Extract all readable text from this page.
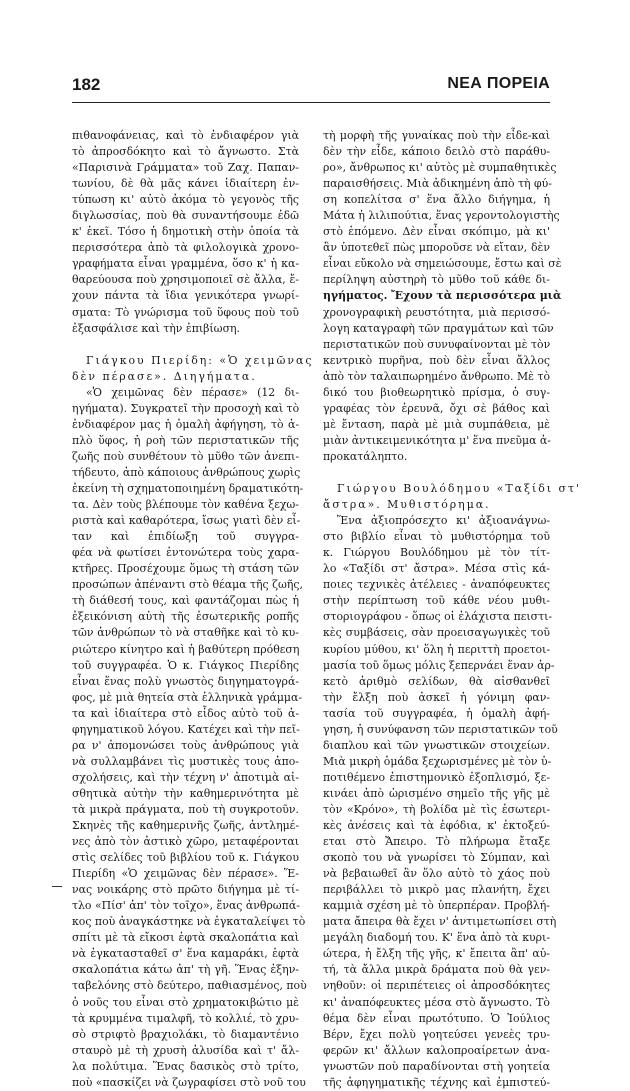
182	ΝΕΑ ΠΟΡΕΙΑ
πιθανοφάνειας, καὶ τὸ ἐνδιαφέρον γιὰ
τὸ ἀπροσδόκητο καὶ τὸ ἄγνωστο. Στὰ
«Παρισινὰ Γράμματα» τοῦ Ζαχ. Παπαν-
τωνίου, δὲ θὰ μᾶς κάνει ἰδιαίτερη ἐν-
τύπωση κι' αὐτὸ ἀκόμα τὸ γεγονὸς τῆς
διγλωσσίας, ποὺ θὰ συναντήσουμε ἐδῶ
κ' ἐκεῖ. Τόσο ἡ δημοτικὴ στὴν ὁποία τὰ
περισσότερα ἀπὸ τὰ φιλολογικὰ χρονο-
γραφήματα εἶναι γραμμένα, ὅσο κ' ἡ κα-
θαρεύουσα ποὺ χρησιμοποιεῖ σὲ ἄλλα, ἔ-
χουν πάντα τὰ ἴδια γενικότερα γνωρί-
σματα: Τὸ γνώρισμα τοῦ ὕφους ποὺ τοῦ
ἐξασφάλισε καὶ τὴν ἐπιβίωση.
Γιάγκου Πιερίδη: «Ὁ χειμῶνας
δὲν πέρασε». Διηγήματα.
«Ὁ χειμῶνας δὲν πέρασε» (12 δι-
ηγήματα). Συγκρατεῖ τὴν προσοχὴ καὶ τὸ
ἐνδιαφέρον μας ἡ ὁμαλὴ ἀφήγηση, τὸ ἁ-
πλὸ ὕφος, ἡ ροὴ τῶν περιστατικῶν τῆς
ζωῆς ποὺ συνθέτουν τὸ μῦθο τῶν ἀνεπι-
τήδευτο, ἀπὸ κάποιους ἀνθρώπους χωρὶς
ἐκείνη τὴ σχηματοποιημένη δραματικότη-
τα. Δὲν τοὺς βλέπουμε τὸν καθένα ξεχω-
ριστὰ καὶ καθαρότερα, ἴσως γιατὶ δὲν εἶ-
ταν καὶ ἐπιδίωξη τοῦ συγγρα-
φέα νὰ φωτίσει ἐντονώτερα τοὺς χαρα-
κτῆρες. Προσέχουμε ὅμως τὴ στάση τῶν
προσώπων ἀπέναντι στὸ θέαμα τῆς ζωῆς,
τὴ διάθεσή τους, καὶ φαντάζομαι πὼς ἡ
ἐξεικόνιση αὐτὴ τῆς ἐσωτερικῆς ροπῆς
τῶν ἀνθρώπων τὸ νὰ σταθῆκε καὶ τὸ κυ-
ριώτερο κίνητρο καὶ ἡ βαθύτερη πρόθεση
τοῦ συγγραφέα. Ὁ κ. Γιάγκος Πιερίδης
εἶναι ἕνας πολὺ γνωστὸς διηγηματογρά-
φος, μὲ μιὰ θητεία στὰ ἑλληνικὰ γράμμα-
τα καὶ ἰδιαίτερα στὸ εἶδος αὐτὸ τοῦ ἀ-
φηγηματικοῦ λόγου. Κατέχει καὶ τὴν πεῖ-
ρα ν' ἀπομονώσει τοὺς ἀνθρώπους γιὰ
νὰ συλλαμβάνει τὶς μυστικὲς τους ἀπο-
σχολήσεις, καὶ τὴν τέχνη ν' ἀποτιμὰ αἰ-
σθητικὰ αὐτὴν τὴν καθημερινότητα μὲ
τὰ μικρὰ πράγματα, ποὺ τὴ συγκροτοῦν.
Σκηνὲς τῆς καθημερινῆς ζωῆς, ἀντλημέ-
νες ἀπὸ τὸν ἀστικὸ χῶρο, μεταφέρονται
στὶς σελίδες τοῦ βιβλίου τοῦ κ. Γιάγκου
Πιερίδη «Ὁ χειμῶνας δὲν πέρασε». Ἕ-
νας νοικάρης στὸ πρῶτο διήγημα μὲ τί-
τλο «Πίσ' ἀπ' τὸν τοῖχο», ἕνας ἀνθρωπά-
κος ποὺ ἀναγκάστηκε νὰ ἐγκαταλείψει τὸ
σπίτι μὲ τὰ εἴκοσι ἑφτὰ σκαλοπάτια καὶ
νὰ ἐγκατασταθεῖ σ' ἕνα καμαράκι, ἑφτὰ
σκαλοπάτια κάτω ἀπ' τὴ γῆ. Ἕνας ἐξην-
ταβελόνης στὸ δεύτερο, παθιασμένος, ποὺ
ὁ νοῦς του εἶναι στὸ χρηματοκιβώτιο μὲ
τὰ κρυμμένα τιμαλφῆ, τὸ κολλιέ, τὸ χρυ-
σὸ στριφτὸ βραχιολάκι, τὸ διαμαντένιο
σταυρὸ μὲ τὴ χρυσὴ ἁλυσίδα καὶ τ' ἄλ-
λα πολύτιμα. Ἕνας δασικὸς στὸ τρίτο,
ποὺ «πασκίζει νὰ ζωγραφίσει στὸ νοῦ του
τὴ μορφὴ τῆς γυναίκας ποὺ τὴν εἶδε-καὶ
δὲν τὴν εἶδε, κάποιο δειλὸ στὸ παράθυ-
ρο», ἄνθρωπος κι' αὐτὸς μὲ συμπαθητικὲς
παραισθήσεις. Μιὰ ἀδικημένη ἀπὸ τὴ φύ-
ση κοπελίτσα σ' ἕνα ἄλλο διήγημα, ἡ
Μάτα ἡ λιλιπούτια, ἕνας γεροντολογιστὴς
στὸ ἑπόμενο. Δὲν εἶναι σκόπιμο, μὰ κι'
ἂν ὑποτεθεῖ πὼς μποροῦσε νὰ εἴταν, δὲν
εἶναι εὔκολο νὰ σημειώσουμε, ἔστω καὶ σὲ
περίληψη αὐστηρὴ τὸ μῦθο τοῦ κάθε δι-
ηγήματος. Ἔχουν τὰ περισσότερα μιὰ
χρονογραφικὴ ρευστότητα, μιὰ περισσό-
λογη καταγραφὴ τῶν πραγμάτων καὶ τῶν
περιστατικῶν ποὺ συνυφαίνονται μὲ τὸν
κεντρικὸ πυρῆνα, ποὺ δὲν εἶναι ἄλλος
ἀπὸ τὸν ταλαιπωρημένο ἄνθρωπο. Μὲ τὸ
δικό του βιοθεωρητικὸ πρίσμα, ὁ συγ-
γραφέας τὸν ἐρευνᾶ, ὄχι σὲ βάθος καὶ
μὲ ἔνταση, παρὰ μὲ μιὰ συμπάθεια, μὲ
μιὰν ἀντικειμενικότητα μ' ἕνα πνεῦμα ἀ-
προκατάληπτο.
Γιώργου Βουλόδημου «Ταξίδι στ'
ἄστρα». Μυθιστόρημα.
Ἕνα ἀξιοπρόσεχτο κι' ἀξιοανάγνω-
στο βιβλίο εἶναι τὸ μυθιστόρημα τοῦ
κ. Γιώργου Βουλόδημου μὲ τὸν τίτ-
λο «Ταξίδι στ' ἄστρα». Μέσα στὶς κά-
ποιες τεχνικὲς ἀτέλειες - ἀναπόφευκτες
στὴν περίπτωση τοῦ κάθε νέου μυθι-
στοριογράφου - ὅπως οἱ ἐλάχιστα πειστι-
κὲς συμβάσεις, σὰν προεισαγωγικὲς τοῦ
κυρίου μύθου, κι' ὅλη ἡ περιττὴ προετοι-
μασία τοῦ ὅμως μόλις ξεπερνάει ἕναν ἀρ-
κετὸ ἀριθμὸ σελίδων, θὰ αἰσθανθεῖ
τὴν ἔλξη ποὺ ἀσκεῖ ἡ γόνιμη φαν-
τασία τοῦ συγγραφέα, ἡ ὁμαλὴ ἀφή-
γηση, ἡ συνύφανση τῶν περιστατικῶν τοῦ
διαπλου καὶ τῶν γνωστικῶν στοιχείων.
Μιὰ μικρὴ ὁμάδα ξεχωρισμένες μὲ τὸν ὑ-
ποτιθέμενο ἐπιστημονικὸ ἐξοπλισμό, ξε-
κινάει ἀπὸ ὡρισμένο σημεῖο τῆς γῆς μὲ
τὸν «Κρόνο», τὴ βολίδα μὲ τὶς ἐσωτερι-
κὲς ἀνέσεις καὶ τὰ ἐφόδια, κ' ἐκτοξεύ-
εται στὸ Ἄπειρο. Τὸ πλήρωμα ἔταξε
σκοπὸ του νὰ γνωρίσει τὸ Σύμπαν, καὶ
νὰ βεβαιωθεῖ ἂν ὅλο αὐτὸ τὸ χάος ποὺ
περιβάλλει τὸ μικρὸ μας πλανήτη, ἔχει
καμμιὰ σχέση μὲ τὸ ὑπερπέραν. Προβλή-
ματα ἄπειρα θὰ ἔχει ν' ἀντιμετωπίσει στὴ
μεγάλη διαδομή του. Κ' ἕνα ἀπὸ τὰ κυρι-
ώτερα, ἡ ἔλξη τῆς γῆς, κ' ἔπειτα ἂπ' αὐ-
τή, τὰ ἄλλα μικρὰ δράματα ποὺ θὰ γεν-
νηθοῦν: οἱ περιπέτειες οἱ ἀπροσδόκητες
κι' ἀναπόφευκτες μέσα στὸ ἄγνωστο. Τὸ
θέμα δὲν εἶναι πρωτότυπο. Ὁ Ἰούλιος
Βέρν, ἔχει πολὺ γοητεύσει γενεὲς τρυ-
φερῶν κι' ἄλλων καλοπροαίρετων ἀνα-
γνωστῶν ποὺ παραδίνονται στὴ γοητεία
τῆς ἀφηγηματικῆς τέχνης καὶ ἐμπιστεύ-
